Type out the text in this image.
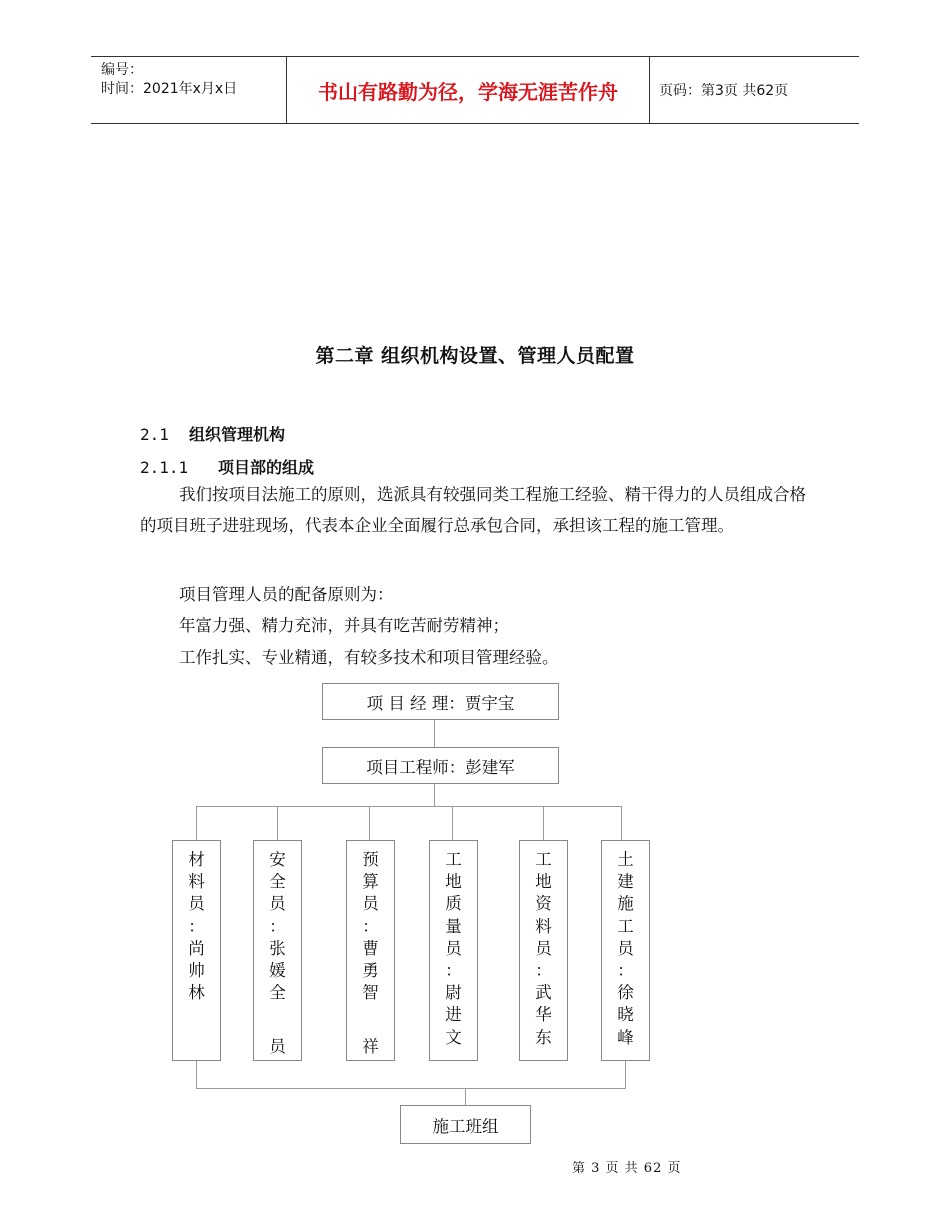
编号：
时间：2021年x月x日	书山有路勤为径，学海无涯苦作舟	页码：第3页 共62页
第二章 组织机构设置、管理人员配置
2.1 组织管理机构
2.1.1 项目部的组成
我们按项目法施工的原则，选派具有较强同类工程施工经验、精干得力的人员组成合格的项目班子进驻现场，代表本企业全面履行总承包合同，承担该工程的施工管理。
项目管理人员的配备原则为：
年富力强、精力充沛，并具有吃苦耐劳精神；
工作扎实、专业精通，有较多技术和项目管理经验。
项 目 经 理：贾宇宝
项目工程师：彭建军
材
料
员
：
尚
帅
林
安
全
员
：
张
媛
全
员
预
算
员
：
曹
勇
智
祥
工
地
质
量
员
：
尉
进
文
工
地
资
料
员
：
武
华
东
土
建
施
工
员
：
徐
晓
峰
施工班组
第 3 页 共 62 页
